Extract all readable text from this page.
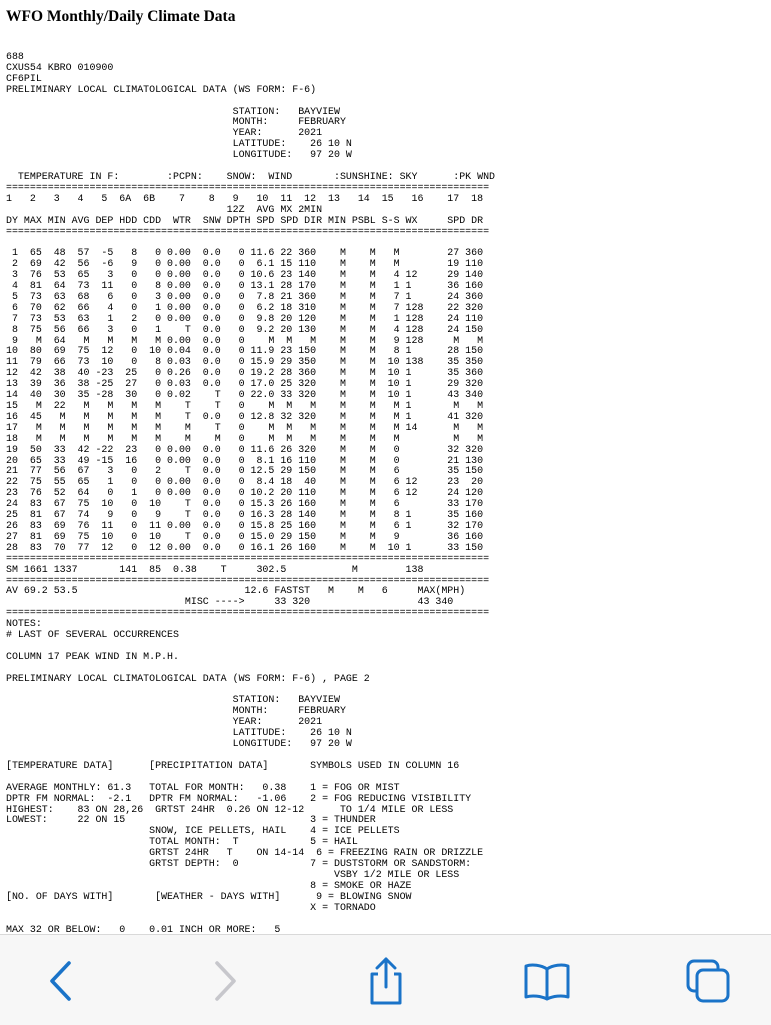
WFO Monthly/Daily Climate Data
688
CXUS54 KBRO 010900
CF6PIL
PRELIMINARY LOCAL CLIMATOLOGICAL DATA (WS FORM: F-6)

STATION:   BAYVIEW
MONTH:     FEBRUARY
YEAR:      2021
LATITUDE:    26 10 N
LONGITUDE:   97 20 W

TEMPERATURE IN F:        :PCPN:    SNOW:  WIND       :SUNSHINE: SKY      :PK WND
=================================================================================
1   2   3   4   5  6A  6B    7    8   9   10  11  12  13   14  15   16    17  18
12Z  AVG MX 2MIN
DY MAX MIN AVG DEP HDD CDD  WTR  SNW DPTH SPD SPD DIR MIN PSBL S-S WX     SPD DR
=================================================================================

1  65  48  57  -5   8   0 0.00  0.0   0 11.6 22 360    M    M   M        27 360
2  69  42  56  -6   9   0 0.00  0.0   0  6.1 15 110    M    M   M        19 110
3  76  53  65   3   0   0 0.00  0.0   0 10.6 23 140    M    M   4 12     29 140
4  81  64  73  11   0   8 0.00  0.0   0 13.1 28 170    M    M   1 1      36 160
5  73  63  68   6   0   3 0.00  0.0   0  7.8 21 360    M    M   7 1      24 360
6  70  62  66   4   0   1 0.00  0.0   0  6.2 18 310    M    M   7 128    22 320
7  73  53  63   1   2   0 0.00  0.0   0  9.8 20 120    M    M   1 128    24 110
8  75  56  66   3   0   1    T  0.0   0  9.2 20 130    M    M   4 128    24 150
9   M  64   M   M   M   M 0.00  0.0   0    M  M   M    M    M   9 128     M   M
10  80  69  75  12   0  10 0.04  0.0   0 11.9 23 150    M    M   8 1      28 150
11  79  66  73  10   0   8 0.03  0.0   0 15.9 29 350    M    M  10 138    35 350
12  42  38  40 -23  25   0 0.26  0.0   0 19.2 28 360    M    M  10 1      35 360
13  39  36  38 -25  27   0 0.03  0.0   0 17.0 25 320    M    M  10 1      29 320
14  40  30  35 -28  30   0 0.02    T   0 22.0 33 320    M    M  10 1      43 340
15   M  22   M   M   M   M    T    T   0    M  M   M    M    M   M 1       M   M
16  45   M   M   M   M   M    T  0.0   0 12.8 32 320    M    M   M 1      41 320
17   M   M   M   M   M   M    M    T   0    M  M   M    M    M   M 14      M   M
18   M   M   M   M   M   M    M    M   0    M  M   M    M    M   M         M   M
19  50  33  42 -22  23   0 0.00  0.0   0 11.6 26 320    M    M   0        32 320
20  65  33  49 -15  16   0 0.00  0.0   0  8.1 16 110    M    M   0        21 130
21  77  56  67   3   0   2    T  0.0   0 12.5 29 150    M    M   6        35 150
22  75  55  65   1   0   0 0.00  0.0   0  8.4 18  40    M    M   6 12     23  20
23  76  52  64   0   1   0 0.00  0.0   0 10.2 20 110    M    M   6 12     24 120
24  83  67  75  10   0  10    T  0.0   0 15.3 26 160    M    M   6        33 170
25  81  67  74   9   0   9    T  0.0   0 16.3 28 140    M    M   8 1      35 160
26  83  69  76  11   0  11 0.00  0.0   0 15.8 25 160    M    M   6 1      32 170
27  81  69  75  10   0  10    T  0.0   0 15.0 29 150    M    M   9        36 160
28  83  70  77  12   0  12 0.00  0.0   0 16.1 26 160    M    M  10 1      33 150
=================================================================================
SM 1661 1337       141  85  0.38    T     302.5           M        138
=================================================================================
AV 69.2 53.5                            12.6 FASTST   M    M   6     MAX(MPH)
MISC ---->     33 320                  43 340
=================================================================================
NOTES:
# LAST OF SEVERAL OCCURRENCES

COLUMN 17 PEAK WIND IN M.P.H.

PRELIMINARY LOCAL CLIMATOLOGICAL DATA (WS FORM: F-6) , PAGE 2

STATION:   BAYVIEW
MONTH:     FEBRUARY
YEAR:      2021
LATITUDE:    26 10 N
LONGITUDE:   97 20 W

[TEMPERATURE DATA]      [PRECIPITATION DATA]       SYMBOLS USED IN COLUMN 16

AVERAGE MONTHLY: 61.3   TOTAL FOR MONTH:   0.38    1 = FOG OR MIST
DPTR FM NORMAL:  -2.1   DPTR FM NORMAL:   -1.06    2 = FOG REDUCING VISIBILITY
HIGHEST:    83 ON 28,26  GRTST 24HR  0.26 ON 12-12      TO 1/4 MILE OR LESS
LOWEST:     22 ON 15                               3 = THUNDER
SNOW, ICE PELLETS, HAIL    4 = ICE PELLETS
TOTAL MONTH:  T            5 = HAIL
GRTST 24HR   T    ON 14-14  6 = FREEZING RAIN OR DRIZZLE
GRTST DEPTH:  0            7 = DUSTSTORM OR SANDSTORM:
VSBY 1/2 MILE OR LESS
8 = SMOKE OR HAZE
[NO. OF DAYS WITH]       [WEATHER - DAYS WITH]      9 = BLOWING SNOW
X = TORNADO

MAX 32 OR BELOW:   0    0.01 INCH OR MORE:   5
